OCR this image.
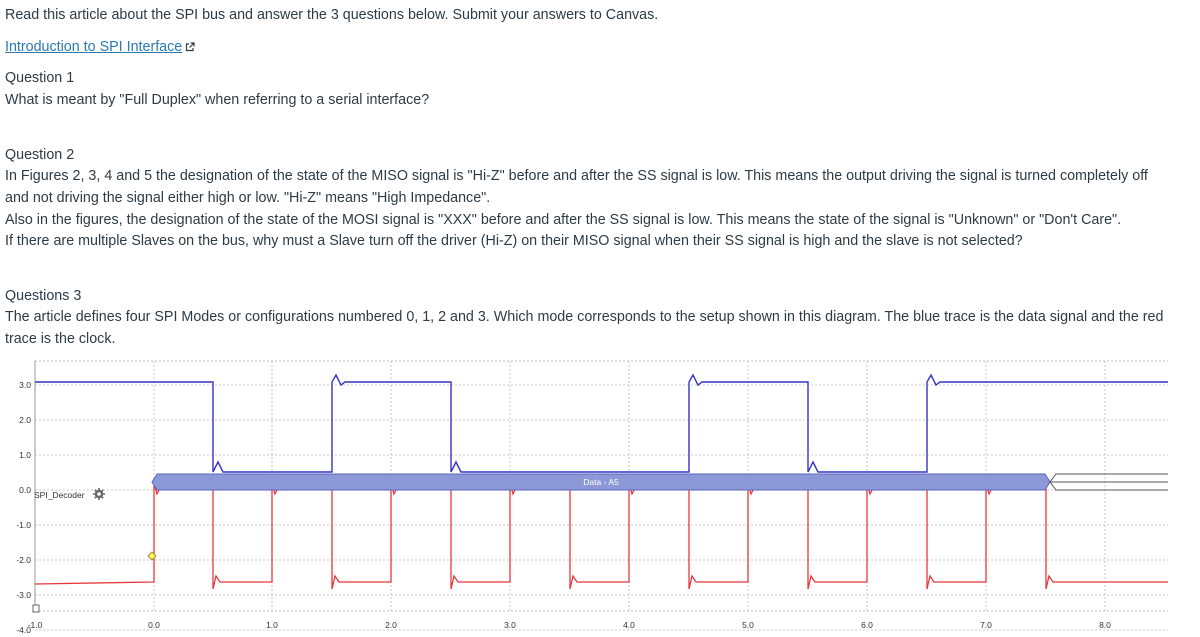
Read this article about the SPI bus and answer the 3 questions below. Submit your answers to Canvas.
Introduction to SPI Interface
Question 1
What is meant by "Full Duplex" when referring to a serial interface?
Question 2
In Figures 2, 3, 4 and 5 the designation of the state of the MISO signal is "Hi-Z" before and after the SS signal is low. This means the output driving the signal is turned completely off
and not driving the signal either high or low. "Hi-Z" means "High Impedance".
Also in the figures, the designation of the state of the MOSI signal is "XXX" before and after the SS signal is low. This means the state of the signal is "Unknown" or "Don't Care".
If there are multiple Slaves on the bus, why must a Slave turn off the driver (Hi-Z) on their MISO signal when their SS signal is high and the slave is not selected?
Questions 3
The article defines four SPI Modes or configurations numbered 0, 1, 2 and 3. Which mode corresponds to the setup shown in this diagram. The blue trace is the data signal and the red
trace is the clock.
3.0
2.0
1.0
0.0
-1.0
-2.0
-3.0
-4.0
-1.0	0.0	1.0	2.0	3.0	4.0	5.0	6.0	7.0	8.0
Data - A5
SPI_Decoder
